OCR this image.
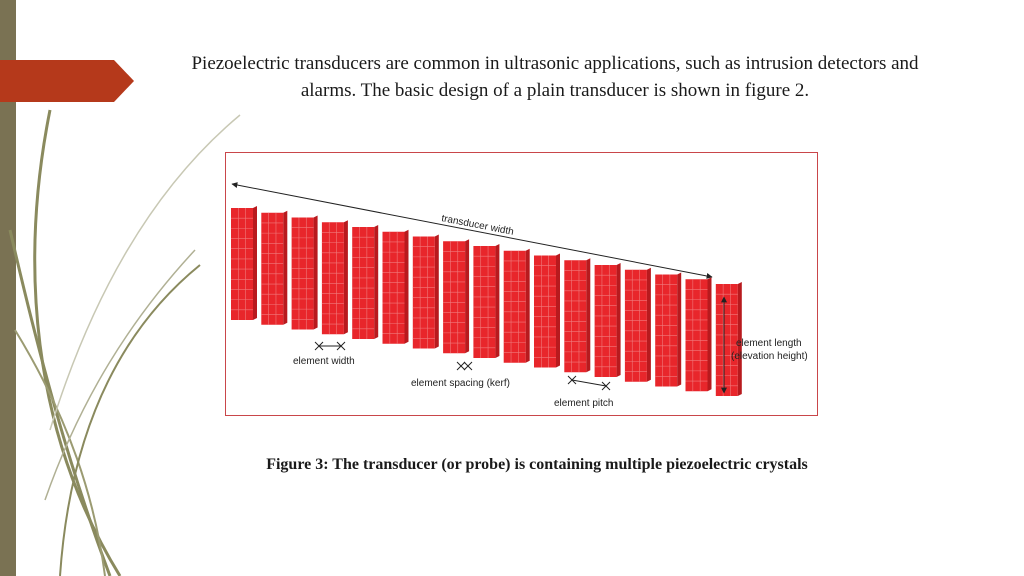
Piezoelectric transducers are common in ultrasonic applications, such as intrusion detectors and alarms. The basic design of a plain transducer is shown in figure 2.

transducer width
element length
(elevation height)
element width
element spacing (kerf)
element pitch

Figure 3: The transducer (or probe) is containing multiple piezoelectric crystals
